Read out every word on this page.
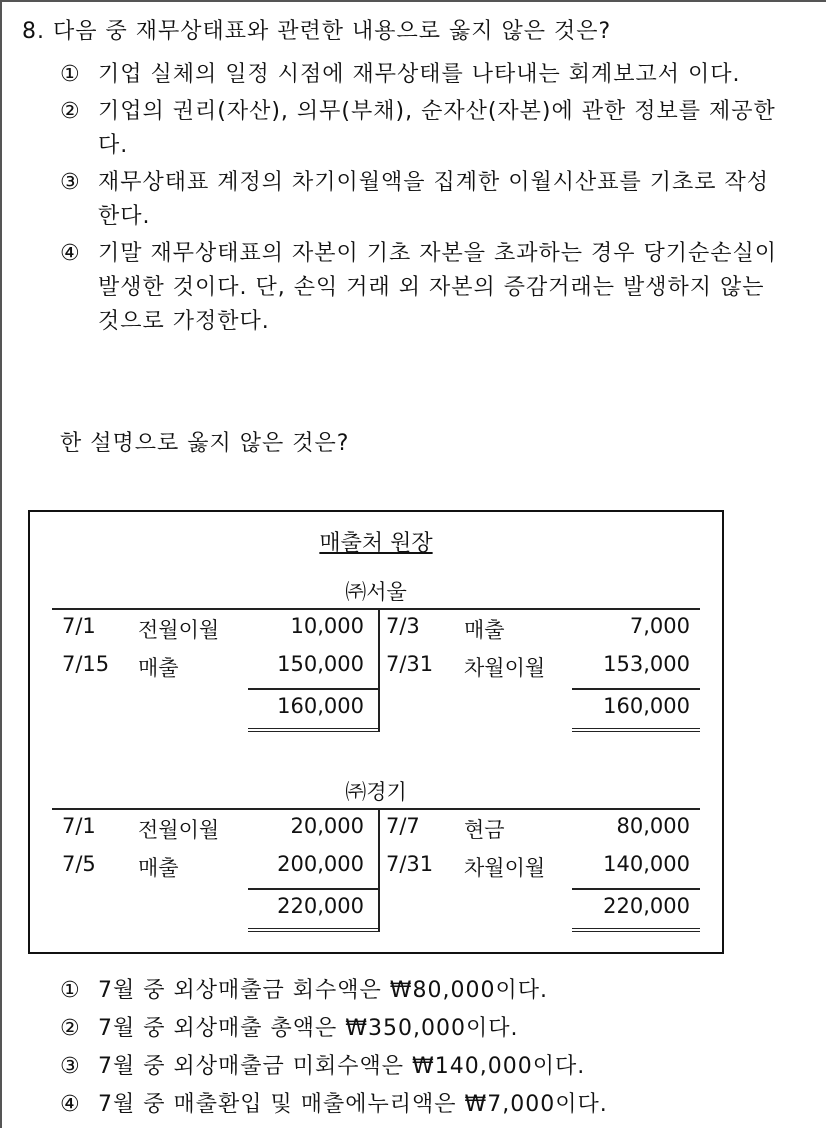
8. 다음 중 재무상태표와 관련한 내용으로 옳지 않은 것은?
① 기업 실체의 일정 시점에 재무상태를 나타내는 회계보고서 이다.
② 기업의 권리(자산), 의무(부채), 순자산(자본)에 관한 정보를 제공한다.
③ 재무상태표 계정의 차기이월액을 집계한 이월시산표를 기초로 작성한다.
④ 기말 재무상태표의 자본이 기초 자본을 초과하는 경우 당기순손실이 발생한 것이다. 단, 손익 거래 외 자본의 증감거래는 발생하지 않는 것으로 가정한다.
한 설명으로 옳지 않은 것은?
매출처 원장
㈜서울
7/1 전월이월	10,000 7/3 매출	7,000
7/15 매출	150,000 7/31 차월이월	153,000
160,000	160,000
㈜경기
7/1 전월이월	20,000 7/7 현금	80,000
7/5 매출	200,000 7/31 차월이월	140,000
220,000	220,000
① 7월 중 외상매출금 회수액은 ₩80,000이다.
② 7월 중 외상매출 총액은 ₩350,000이다.
③ 7월 중 외상매출금 미회수액은 ₩140,000이다.
④ 7월 중 매출환입 및 매출에누리액은 ₩7,000이다.
